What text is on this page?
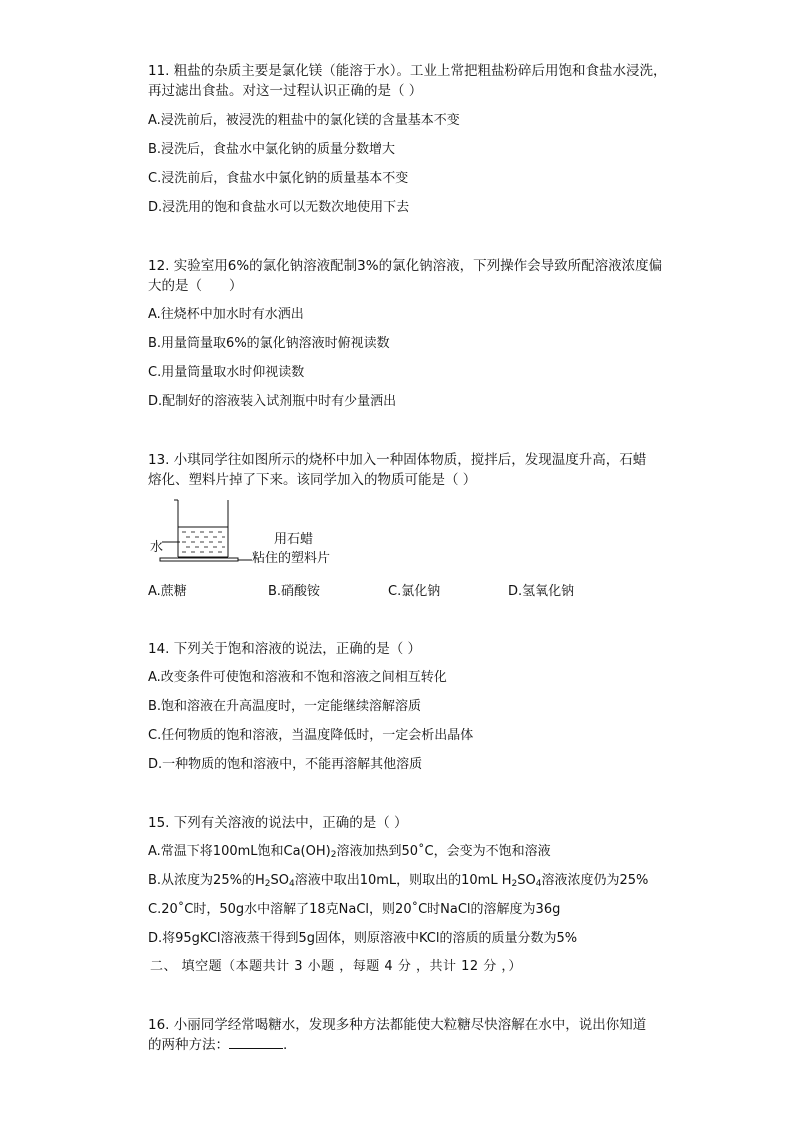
11. 粗盐的杂质主要是氯化镁（能溶于水）。工业上常把粗盐粉碎后用饱和食盐水浸洗，
再过滤出食盐。对这一过程认识正确的是（ ）
A.浸洗前后，被浸洗的粗盐中的氯化镁的含量基本不变
B.浸洗后，食盐水中氯化钠的质量分数增大
C.浸洗前后，食盐水中氯化钠的质量基本不变
D.浸洗用的饱和食盐水可以无数次地使用下去
12. 实验室用6%的氯化钠溶液配制3%的氯化钠溶液，下列操作会导致所配溶液浓度偏
大的是（　　）
A.往烧杯中加水时有水洒出
B.用量筒量取6%的氯化钠溶液时俯视读数
C.用量筒量取水时仰视读数
D.配制好的溶液装入试剂瓶中时有少量洒出
13. 小琪同学往如图所示的烧杯中加入一种固体物质，搅拌后，发现温度升高，石蜡
熔化、塑料片掉了下来。该同学加入的物质可能是（ ）
水
用石蜡
粘住的塑料片
A.蔗糖	B.硝酸铵	C.氯化钠	D.氢氧化钠
14. 下列关于饱和溶液的说法，正确的是（ ）
A.改变条件可使饱和溶液和不饱和溶液之间相互转化
B.饱和溶液在升高温度时，一定能继续溶解溶质
C.任何物质的饱和溶液，当温度降低时，一定会析出晶体
D.一种物质的饱和溶液中，不能再溶解其他溶质
15. 下列有关溶液的说法中，正确的是（ ）
A.常温下将100mL饱和$Ca(OH)_2$溶液加热到50˚C，会变为不饱和溶液
B.从浓度为25%的$H_2SO_4$溶液中取出10mL，则取出的10mL $H_2SO_4$溶液浓度仍为25%
C.20˚C时，50g水中溶解了18克NaCl，则20˚C时NaCl的溶解度为36g
D.将95gKCl溶液蒸干得到5g固体，则原溶液中KCl的溶质的质量分数为5%
二、 填空题（本题共计 3 小题 ，每题 4 分 ，共计 12 分 ，）
16. 小丽同学经常喝糖水，发现多种方法都能使大粒糖尽快溶解在水中，说出你知道
的两种方法：	.
